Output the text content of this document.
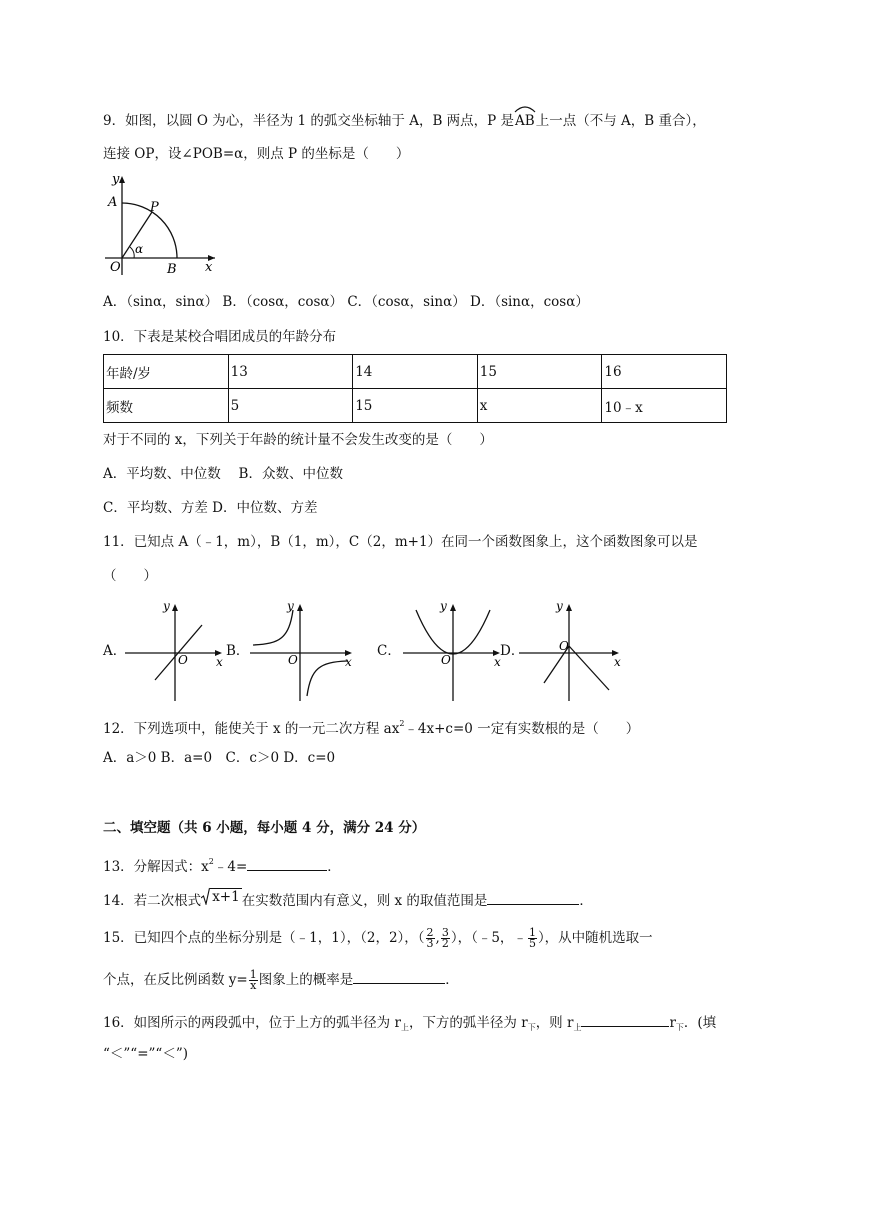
9．如图，以圆 O 为心，半径为 1 的弧交坐标轴于 A，B 两点，P 是
AB上一点（不与 A，B 重合），
连接 OP，设∠POB=α，则点 P 的坐标是（　　）
y
A	P
α
O	B x
A．（sinα，sinα） B．（cosα，cosα） C．（cosα，sinα） D．（sinα，cosα）
10．下表是某校合唱团成员的年龄分布
年龄/岁	13	14	15	16
频数	5	15	x	10﹣x
对于不同的 x，下列关于年龄的统计量不会发生改变的是（　　）
A．平均数、中位数　 B．众数、中位数
C．平均数、方差 D．中位数、方差
11．已知点 A（﹣1，m），B（1，m），C（2，m+1）在同一个函数图象上，这个函数图象可以是
（　　）
A．
y
O x
B．
y
O	x
C．
y
O	x
D．
y
O
x
12．下列选项中，能使关于 x 的一元二次方程 $ax^2﹣4x+c=0$ 一定有实数根的是（　　）
A．a＞0 B．a=0　C．c＞0 D．c=0
二、填空题（共 6 小题，每小题 4 分，满分 24 分）
13．分解因式：$x^2﹣4=$	．
14．若二次根式 x+1 在实数范围内有意义，则 x 的取值范围是	．
15．已知四个点的坐标分别是（﹣1，1），（2，2），（ $\frac{2}{3}$ , $\frac{3}{2}$ ），（﹣5，﹣ $\frac{1}{5}$ ），从中随机选取一
个点，在反比例函数 $y= \frac{1}{x}$ 图象上的概率是	．
16．如图所示的两段弧中，位于上方的弧半径为 $r_上$，下方的弧半径为 $r_下$，则 $r_上$	$r_下$．(填
“＜”“=”“＜”)
